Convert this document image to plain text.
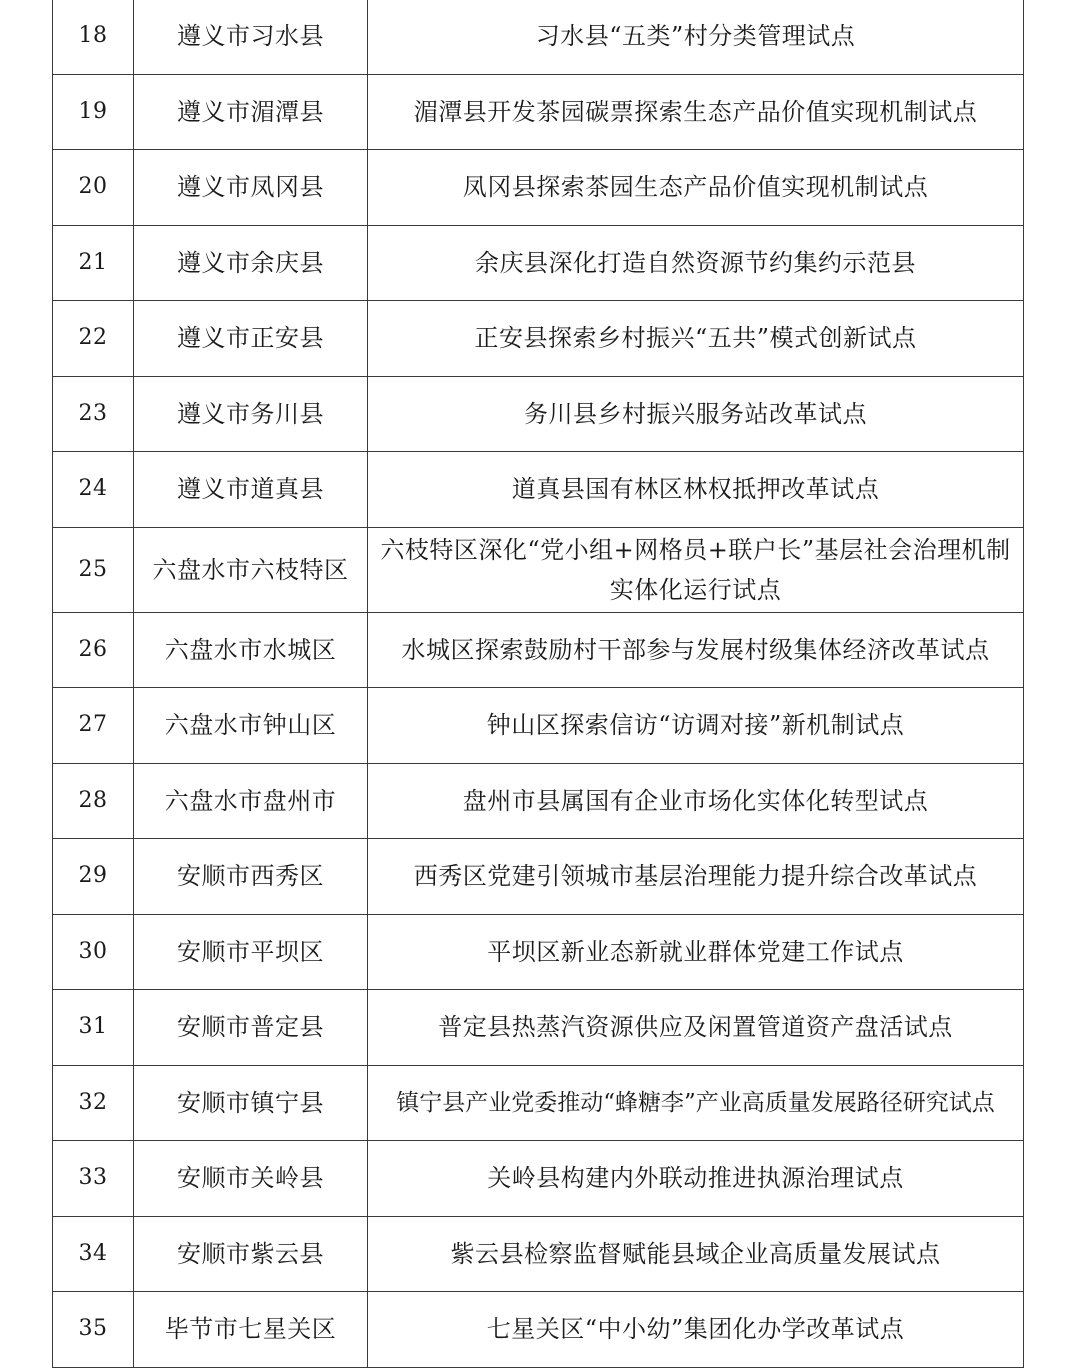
18	遵义市习水县	习水县“五类”村分类管理试点
19	遵义市湄潭县	湄潭县开发茶园碳票探索生态产品价值实现机制试点
20	遵义市凤冈县	凤冈县探索茶园生态产品价值实现机制试点
21	遵义市余庆县	余庆县深化打造自然资源节约集约示范县
22	遵义市正安县	正安县探索乡村振兴“五共”模式创新试点
23	遵义市务川县	务川县乡村振兴服务站改革试点
24	遵义市道真县	道真县国有林区林权抵押改革试点
25	六盘水市六枝特区	六枝特区深化“党小组+网格员+联户长”基层社会治理机制实体化运行试点
26	六盘水市水城区	水城区探索鼓励村干部参与发展村级集体经济改革试点
27	六盘水市钟山区	钟山区探索信访“访调对接”新机制试点
28	六盘水市盘州市	盘州市县属国有企业市场化实体化转型试点
29	安顺市西秀区	西秀区党建引领城市基层治理能力提升综合改革试点
30	安顺市平坝区	平坝区新业态新就业群体党建工作试点
31	安顺市普定县	普定县热蒸汽资源供应及闲置管道资产盘活试点
32	安顺市镇宁县	镇宁县产业党委推动“蜂糖李”产业高质量发展路径研究试点
33	安顺市关岭县	关岭县构建内外联动推进执源治理试点
34	安顺市紫云县	紫云县检察监督赋能县域企业高质量发展试点
35	毕节市七星关区	七星关区“中小幼”集团化办学改革试点
